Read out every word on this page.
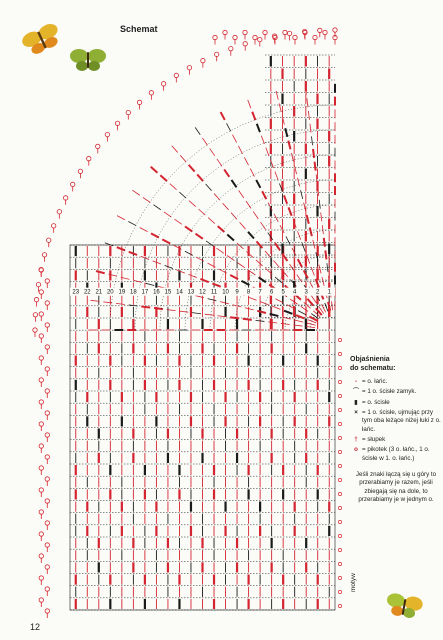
23 22 21 20 19 18 17 16 15 14 13 12 11 10 9 8 7 6 5 4 3 2 1
Schemat
12
Objaśnienia
do schematu:
- = o. łańc.
⌒ = 1 o. ścisłe zamyk.
▮ = o. ścisłe
× = 1 o. ścisłe, ujmując przy tym oba leżące niżej łuki z o. łańc.
† = słupek
o = pikotek (3 o. łańc., 1 o. ścisłe w 1. o. łańc.)
Jeśli znaki łączą się u góry to przerabiamy je razem, jeśli zbiegają się na dole, to przerabiamy je w jednym o.
motyw
